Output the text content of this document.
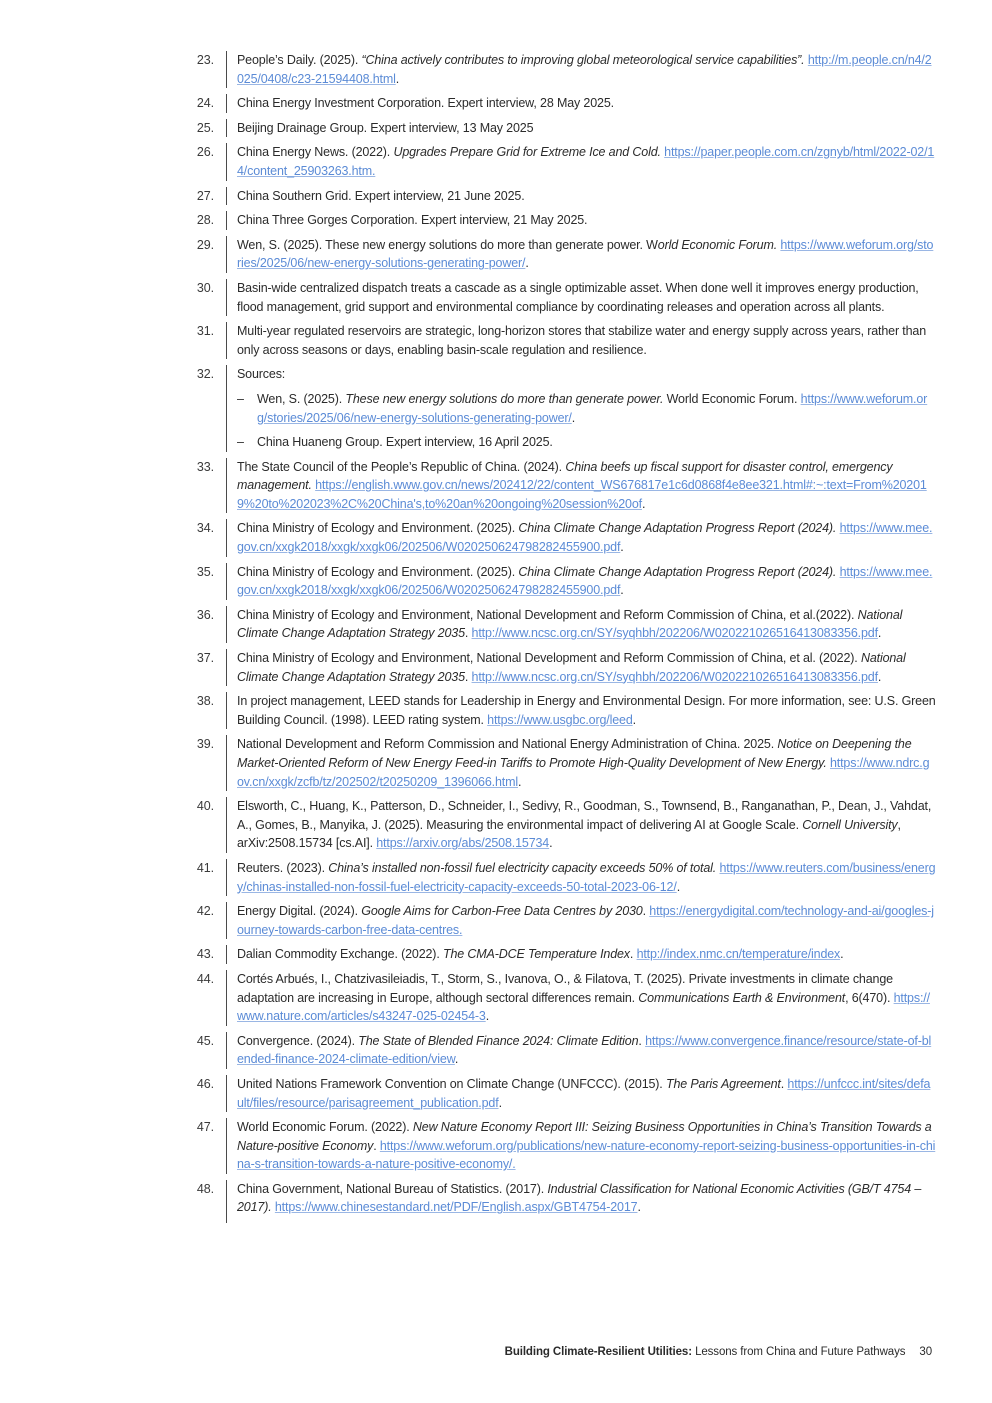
23. People’s Daily. (2025). “China actively contributes to improving global meteorological service capabilities”. http://m.people.cn/n4/2025/0408/c23-21594408.html.
24. China Energy Investment Corporation. Expert interview, 28 May 2025.
25. Beijing Drainage Group. Expert interview, 13 May 2025
26. China Energy News. (2022). Upgrades Prepare Grid for Extreme Ice and Cold. https://paper.people.com.cn/zgnyb/html/2022-02/14/content_25903263.htm.
27. China Southern Grid. Expert interview, 21 June 2025.
28. China Three Gorges Corporation. Expert interview, 21 May 2025.
29. Wen, S. (2025). These new energy solutions do more than generate power. World Economic Forum. https://www.weforum.org/stories/2025/06/new-energy-solutions-generating-power/.
30. Basin-wide centralized dispatch treats a cascade as a single optimizable asset. When done well it improves energy production, flood management, grid support and environmental compliance by coordinating releases and operation across all plants.
31. Multi-year regulated reservoirs are strategic, long-horizon stores that stabilize water and energy supply across years, rather than only across seasons or days, enabling basin-scale regulation and resilience.
32. Sources:
–	Wen, S. (2025). These new energy solutions do more than generate power. World Economic Forum. https://www.weforum.org/stories/2025/06/new-energy-solutions-generating-power/.
–	China Huaneng Group. Expert interview, 16 April 2025.
33. The State Council of the People’s Republic of China. (2024). China beefs up fiscal support for disaster control, emergency management. https://english.www.gov.cn/news/202412/22/content_WS676817e1c6d0868f4e8ee321.html#:~:text=From%202019%20to%202023%2C%20China's,to%20an%20ongoing%20session%20of.
34. China Ministry of Ecology and Environment. (2025). China Climate Change Adaptation Progress Report (2024). https://www.mee.gov.cn/xxgk2018/xxgk/xxgk06/202506/W020250624798282455900.pdf.
35. China Ministry of Ecology and Environment. (2025). China Climate Change Adaptation Progress Report (2024). https://www.mee.gov.cn/xxgk2018/xxgk/xxgk06/202506/W020250624798282455900.pdf.
36. China Ministry of Ecology and Environment, National Development and Reform Commission of China, et al.(2022). National Climate Change Adaptation Strategy 2035. http://www.ncsc.org.cn/SY/syqhbh/202206/W020221026516413083356.pdf.
37. China Ministry of Ecology and Environment, National Development and Reform Commission of China, et al. (2022). National Climate Change Adaptation Strategy 2035. http://www.ncsc.org.cn/SY/syqhbh/202206/W020221026516413083356.pdf.
38. In project management, LEED stands for Leadership in Energy and Environmental Design. For more information, see: U.S. Green Building Council. (1998). LEED rating system. https://www.usgbc.org/leed.
39. National Development and Reform Commission and National Energy Administration of China. 2025. Notice on Deepening the Market-Oriented Reform of New Energy Feed-in Tariffs to Promote High-Quality Development of New Energy. https://www.ndrc.gov.cn/xxgk/zcfb/tz/202502/t20250209_1396066.html.
40. Elsworth, C., Huang, K., Patterson, D., Schneider, I., Sedivy, R., Goodman, S., Townsend, B., Ranganathan, P., Dean, J., Vahdat, A., Gomes, B., Manyika, J. (2025). Measuring the environmental impact of delivering AI at Google Scale. Cornell University, arXiv:2508.15734 [cs.AI]. https://arxiv.org/abs/2508.15734.
41. Reuters. (2023). China’s installed non-fossil fuel electricity capacity exceeds 50% of total. https://www.reuters.com/business/energy/chinas-installed-non-fossil-fuel-electricity-capacity-exceeds-50-total-2023-06-12/.
42. Energy Digital. (2024). Google Aims for Carbon-Free Data Centres by 2030. https://energydigital.com/technology-and-ai/googles-journey-towards-carbon-free-data-centres.
43. Dalian Commodity Exchange. (2022). The CMA-DCE Temperature Index. http://index.nmc.cn/temperature/index.
44. Cortés Arbués, I., Chatzivasileiadis, T., Storm, S., Ivanova, O., & Filatova, T. (2025). Private investments in climate change adaptation are increasing in Europe, although sectoral differences remain. Communications Earth & Environment, 6(470). https://www.nature.com/articles/s43247-025-02454-3.
45. Convergence. (2024). The State of Blended Finance 2024: Climate Edition. https://www.convergence.finance/resource/state-of-blended-finance-2024-climate-edition/view.
46. United Nations Framework Convention on Climate Change (UNFCCC). (2015). The Paris Agreement. https://unfccc.int/sites/default/files/resource/parisagreement_publication.pdf.
47. World Economic Forum. (2022). New Nature Economy Report III: Seizing Business Opportunities in China’s Transition Towards a Nature-positive Economy. https://www.weforum.org/publications/new-nature-economy-report-seizing-business-opportunities-in-china-s-transition-towards-a-nature-positive-economy/.
48. China Government, National Bureau of Statistics. (2017). Industrial Classification for National Economic Activities (GB/T 4754 – 2017). https://www.chinesestandard.net/PDF/English.aspx/GBT4754-2017.
Building Climate-Resilient Utilities: Lessons from China and Future Pathways 30
